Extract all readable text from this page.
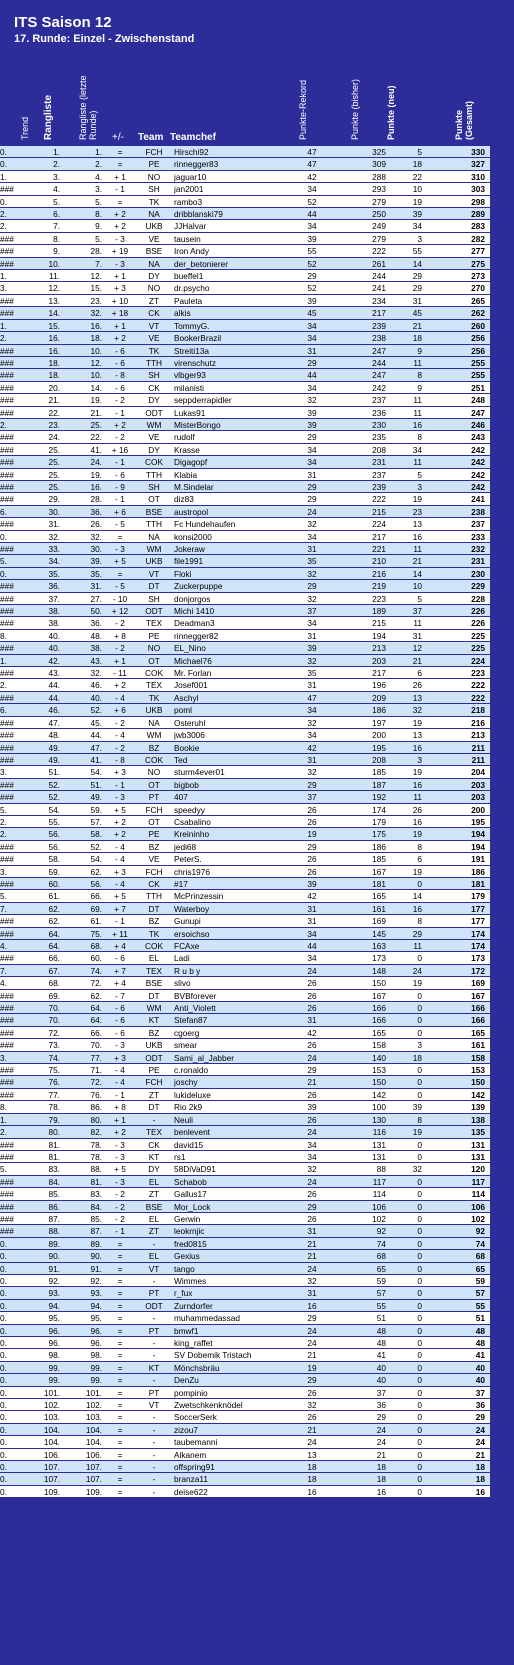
ITS Saison 12
17. Runde: Einzel - Zwischenstand
Trend Rangliste	Rangliste (letzte Runde) +/- Team Teamchef	Punkte-Rekord	Punkte (bisher)	Punkte (neu)	Punkte (Gesamt)
0.	1.	1.	=	FCH	Hirschi92	47	325	5	330
0.	2.	2.	=	PE	rinnegger83	47	309	18	327
1.	3.	4.	+ 1	NO	jaguar10	42	288	22	310
###	4.	3.	- 1	SH	jan2001	34	293	10	303
0.	5.	5.	=	TK	rambo3	52	279	19	298
2.	6.	8.	+ 2	NA	dribblanski79	44	250	39	289
2.	7.	9.	+ 2	UKB	JJHalvar	34	249	34	283
###	8.	5.	- 3	VE	tausein	39	279	3	282
###	9.	28.	+ 19	BSE	Iron Andy	55	222	55	277
###	10.	7.	- 3	NA	der_betonierer	52	261	14	275
1.	11.	12.	+ 1	DY	bueffel1	29	244	29	273
3.	12.	15.	+ 3	NO	dr.psycho	52	241	29	270
###	13.	23.	+ 10	ZT	Pauleta	39	234	31	265
###	14.	32.	+ 18	CK	alkis	45	217	45	262
1.	15.	16.	+ 1	VT	TommyG.	34	239	21	260
2.	16.	18.	+ 2	VE	BookerBrazil	34	238	18	256
###	16.	10.	- 6	TK	Streiti13a	31	247	9	256
###	18.	12.	- 6	TTH	virenschutz	29	244	11	255
###	18.	10.	- 8	SH	vlbger93	44	247	8	255
###	20.	14.	- 6	CK	milanisti	34	242	9	251
###	21.	19.	- 2	DY	seppderrapidler	32	237	11	248
###	22.	21.	- 1	ODT	Lukas91	39	236	11	247
2.	23.	25.	+ 2	WM	MisterBongo	39	230	16	246
###	24.	22.	- 2	VE	rudolf	29	235	8	243
###	25.	41.	+ 16	DY	Krasse	34	208	34	242
###	25.	24.	- 1	COK	Digagopf	34	231	11	242
###	25.	19.	- 6	TTH	Klabia	31	237	5	242
###	25.	16.	- 9	SH	M.Sindelar	29	239	3	242
###	29.	28.	- 1	OT	diz83	29	222	19	241
6.	30.	36.	+ 6	BSE	austropol	24	215	23	238
###	31.	26.	- 5	TTH	Fc Hundehaufen	32	224	13	237
0.	32.	32.	=	NA	konsi2000	34	217	16	233
###	33.	30.	- 3	WM	Jokeraw	31	221	11	232
5.	34.	39.	+ 5	UKB	file1991	35	210	21	231
0.	35.	35.	=	VT	Floki	32	216	14	230
###	36.	31.	- 5	DT	Zuckerpuppe	29	219	10	229
###	37.	27.	- 10	SH	donjorgos	32	223	5	228
###	38.	50.	+ 12	ODT	Michi 1410	37	189	37	226
###	38.	36.	- 2	TEX	Deadman3	34	215	11	226
8.	40.	48.	+ 8	PE	rinnegger82	31	194	31	225
###	40.	38.	- 2	NO	EL_Nino	39	213	12	225
1.	42.	43.	+ 1	OT	Michael76	32	203	21	224
###	43.	32.	- 11	COK	Mr. Forlan	35	217	6	223
2.	44.	46.	+ 2	TEX	Josef001	31	196	26	222
###	44.	40.	- 4	TK	Aschyl	47	209	13	222
6.	46.	52.	+ 6	UKB	poml	34	186	32	218
###	47.	45.	- 2	NA	Osteruhl	32	197	19	216
###	48.	44.	- 4	WM	jwb3006	34	200	13	213
###	49.	47.	- 2	BZ	Bookie	42	195	16	211
###	49.	41.	- 8	COK	Ted	31	208	3	211
3.	51.	54.	+ 3	NO	sturm4ever01	32	185	19	204
###	52.	51.	- 1	OT	bigbob	29	187	16	203
###	52.	49.	- 3	PT	407	37	192	11	203
5.	54.	59.	+ 5	FCH	speedyy	26	174	26	200
2.	55.	57.	+ 2	OT	Csabalino	26	179	16	195
2.	56.	58.	+ 2	PE	Kreininho	19	175	19	194
###	56.	52.	- 4	BZ	jedi68	29	186	8	194
###	58.	54.	- 4	VE	PeterS.	26	185	6	191
3.	59.	62.	+ 3	FCH	chris1976	26	167	19	186
###	60.	56.	- 4	CK	#17	39	181	0	181
5.	61.	66.	+ 5	TTH	McPrinzessin	42	165	14	179
7.	62.	69.	+ 7	DT	Waterboy	31	161	16	177
###	62.	61.	- 1	BZ	Gunupi	31	169	8	177
###	64.	75.	+ 11	TK	ersoichso	34	145	29	174
4.	64.	68.	+ 4	COK	FCAxe	44	163	11	174
###	66.	60.	- 6	EL	Ladi	34	173	0	173
7.	67.	74.	+ 7	TEX	R u b y	24	148	24	172
4.	68.	72.	+ 4	BSE	slivo	26	150	19	169
###	69.	62.	- 7	DT	BVBforever	26	167	0	167
###	70.	64.	- 6	WM	Anti_Violett	26	166	0	166
###	70.	64.	- 6	KT	Stefan87	31	166	0	166
###	72.	66.	- 6	BZ	cgoerg	42	165	0	165
###	73.	70.	- 3	UKB	smear	26	158	3	161
3.	74.	77.	+ 3	ODT	Sami_al_Jabber	24	140	18	158
###	75.	71.	- 4	PE	c.ronaldo	29	153	0	153
###	76.	72.	- 4	FCH	joschy	21	150	0	150
###	77.	76.	- 1	ZT	lukideluxe	26	142	0	142
8.	78.	86.	+ 8	DT	Rio 2k9	39	100	39	139
1.	79.	80.	+ 1	-	Neuli	26	130	8	138
2.	80.	82.	+ 2	TEX	benlevent	24	116	19	135
###	81.	78.	- 3	CK	david15	34	131	0	131
###	81.	78.	- 3	KT	rs1	34	131	0	131
5.	83.	88.	+ 5	DY	58DiVaD91	32	88	32	120
###	84.	81.	- 3	EL	Schabob	24	117	0	117
###	85.	83.	- 2	ZT	Gallus17	26	114	0	114
###	86.	84.	- 2	BSE	Mor_Lock	29	106	0	106
###	87.	85.	- 2	EL	Gerwin	26	102	0	102
###	88.	87.	- 1	ZT	leokrnjic	31	92	0	92
0.	89.	89.	=	-	fred0815	21	74	0	74
0.	90.	90.	=	EL	Gexius	21	68	0	68
0.	91.	91.	=	VT	tango	24	65	0	65
0.	92.	92.	=	-	Wimmes	32	59	0	59
0.	93.	93.	=	PT	r_fux	31	57	0	57
0.	94.	94.	=	ODT	Zurndorfer	16	55	0	55
0.	95.	95.	=	-	muhammedassad	29	51	0	51
0.	96.	96.	=	PT	bmwf1	24	48	0	48
0.	96.	96.	=	-	king_raffet	24	48	0	48
0.	98.	98.	=	-	SV Dobemik Tristach	21	41	0	41
0.	99.	99.	=	KT	Mönchsbräu	19	40	0	40
0.	99.	99.	=	-	DenZu	29	40	0	40
0.	101.	101.	=	PT	pompinio	26	37	0	37
0.	102.	102.	=	VT	Zwetschkenknödel	32	36	0	36
0.	103.	103.	=	-	SoccerSerk	26	29	0	29
0.	104.	104.	=	-	zizou7	21	24	0	24
0.	104.	104.	=	-	taubemanni	24	24	0	24
0.	106.	106.	=	-	Alkanem	13	21	0	21
0.	107.	107.	=	-	offspring91	18	18	0	18
0.	107.	107.	=	-	branza11	18	18	0	18
0.	109.	109.	=	-	deise622	16	16	0	16
